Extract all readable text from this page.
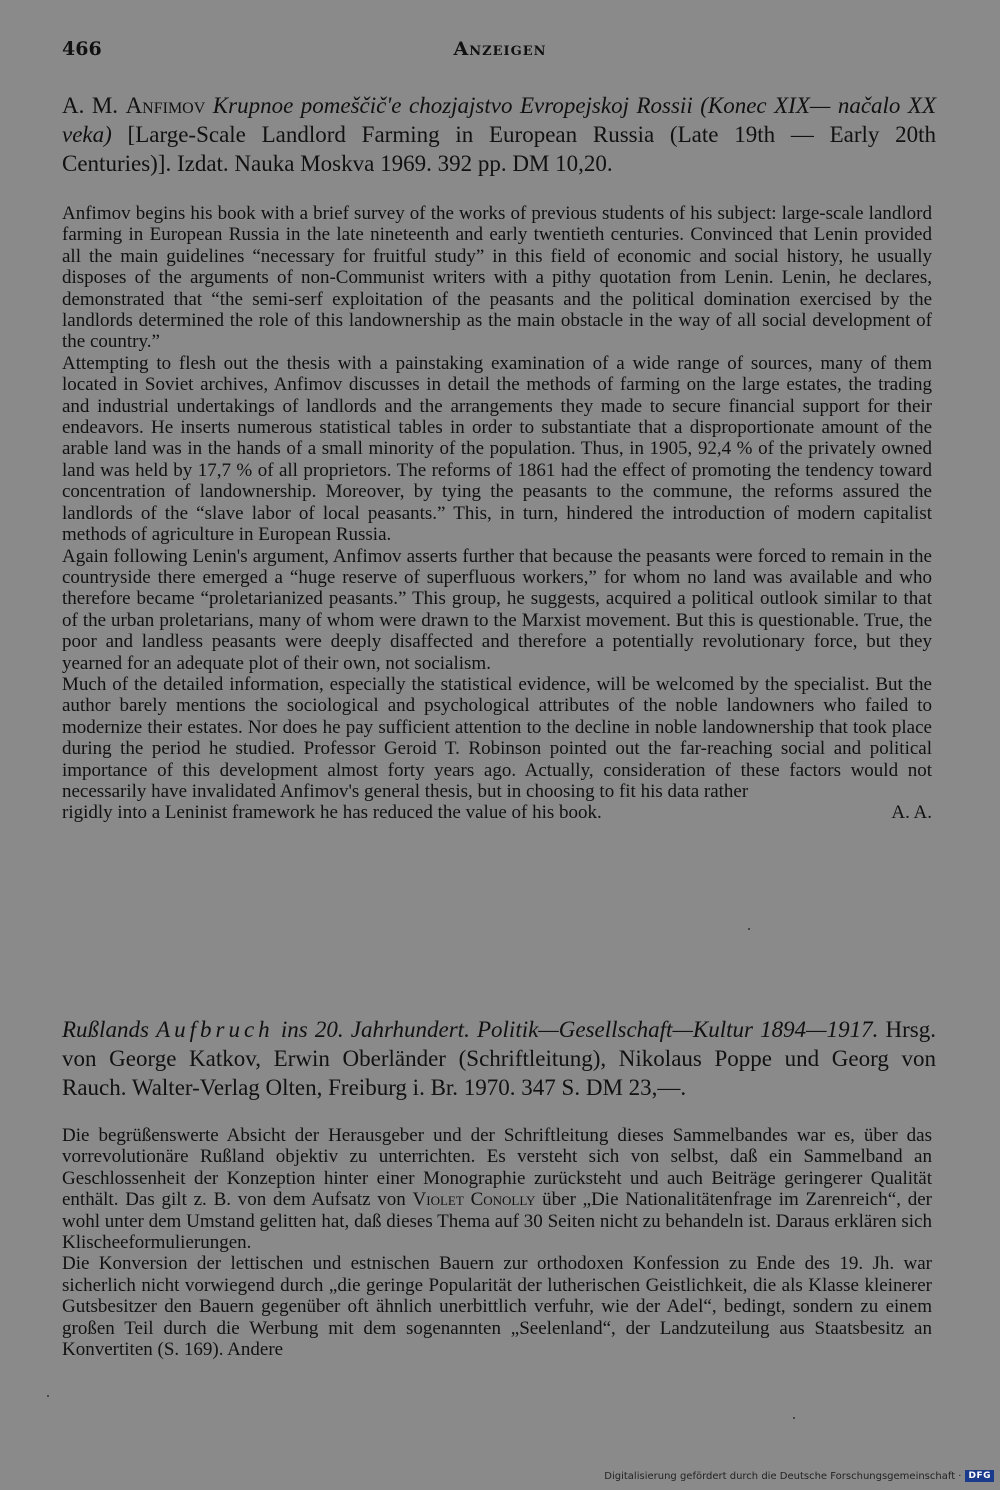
466	Anzeigen
A. M. Anfimov Krupnoe pomeščič'e chozjajstvo Evropejskoj Rossii (Konec XIX— načalo XX veka) [Large-Scale Landlord Farming in European Russia (Late 19th — Early 20th Centuries)]. Izdat. Nauka Moskva 1969. 392 pp. DM 10,20.

Anfimov begins his book with a brief survey of the works of previous students of his subject: large-scale landlord farming in European Russia in the late nineteenth and early twentieth centuries. Convinced that Lenin provided all the main guidelines “necessary for fruitful study” in this field of economic and social history, he usually disposes of the arguments of non-Communist writers with a pithy quotation from Lenin. Lenin, he declares, demonstrated that “the semi-serf exploitation of the peasants and the political domination exercised by the landlords determined the role of this landownership as the main obstacle in the way of all social development of the country.”

Attempting to flesh out the thesis with a painstaking examination of a wide range of sources, many of them located in Soviet archives, Anfimov discusses in detail the methods of farming on the large estates, the trading and industrial undertakings of landlords and the arrangements they made to secure financial support for their endeavors. He inserts numerous statistical tables in order to substantiate that a disproportionate amount of the arable land was in the hands of a small minority of the population. Thus, in 1905, 92,4 % of the privately owned land was held by 17,7 % of all proprietors. The reforms of 1861 had the effect of promoting the tendency toward concentration of landownership. Moreover, by tying the peasants to the commune, the reforms assured the landlords of the “slave labor of local peasants.” This, in turn, hindered the introduction of modern capitalist methods of agriculture in European Russia.

Again following Lenin's argument, Anfimov asserts further that because the peasants were forced to remain in the countryside there emerged a “huge reserve of superfluous workers,” for whom no land was available and who therefore became “proletarianized peasants.” This group, he suggests, acquired a political outlook similar to that of the urban proletarians, many of whom were drawn to the Marxist movement. But this is questionable. True, the poor and landless peasants were deeply disaffected and therefore a potentially revolutionary force, but they yearned for an adequate plot of their own, not socialism.

Much of the detailed information, especially the statistical evidence, will be welcomed by the specialist. But the author barely mentions the sociological and psychological attributes of the noble landowners who failed to modernize their estates. Nor does he pay sufficient attention to the decline in noble landownership that took place during the period he studied. Professor Geroid T. Robinson pointed out the far-reaching social and political importance of this development almost forty years ago. Actually, consideration of these factors would not necessarily have invalidated Anfimov's general thesis, but in choosing to fit his data rather

rigidly into a Leninist framework he has reduced the value of his book.	A. A.
Rußlands Aufbruch ins 20. Jahrhundert. Politik—Gesellschaft—Kultur 1894—1917. Hrsg. von George Katkov, Erwin Oberländer (Schriftleitung), Nikolaus Poppe und Georg von Rauch. Walter-Verlag Olten, Freiburg i. Br. 1970. 347 S. DM 23,—.

Die begrüßenswerte Absicht der Herausgeber und der Schriftleitung dieses Sammelbandes war es, über das vorrevolutionäre Rußland objektiv zu unterrichten. Es versteht sich von selbst, daß ein Sammelband an Geschlossenheit der Konzeption hinter einer Monographie zurücksteht und auch Beiträge geringerer Qualität enthält. Das gilt z. B. von dem Aufsatz von Violet Conolly über „Die Nationalitätenfrage im Zarenreich“, der wohl unter dem Umstand gelitten hat, daß dieses Thema auf 30 Seiten nicht zu behandeln ist. Daraus erklären sich Klischeeformulierungen.

Die Konversion der lettischen und estnischen Bauern zur orthodoxen Konfession zu Ende des 19. Jh. war sicherlich nicht vorwiegend durch „die geringe Popularität der lutherischen Geistlichkeit, die als Klasse kleinerer Gutsbesitzer den Bauern gegenüber oft ähnlich unerbittlich verfuhr, wie der Adel“, bedingt, sondern zu einem großen Teil durch die Werbung mit dem sogenannten „Seelenland“, der Landzuteilung aus Staatsbesitz an Konvertiten (S. 169). Andere

Digitalisierung gefördert durch die Deutsche Forschungsgemeinschaft · DFG
